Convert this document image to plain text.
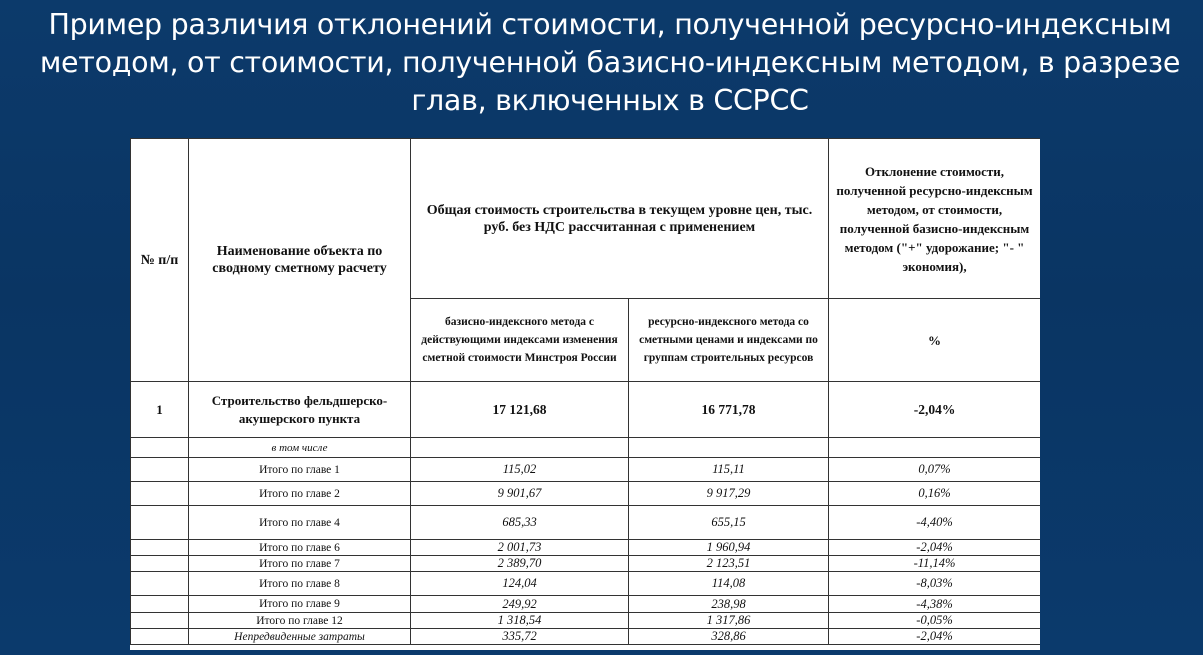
Пример различия отклонений стоимости, полученной ресурсно-индексным методом, от стоимости, полученной базисно-индексным методом, в разрезе глав, включенных в ССРСС
№ п/п	Наименование объекта по сводному сметному расчету	Общая стоимость строительства в текущем уровне цен, тыс. руб. без НДС рассчитанная с применением		Отклонение стоимости, полученной ресурсно-индексным методом, от стоимости, полученной базисно-индексным методом ("+" удорожание; "- " экономия),
		базисно-индексного метода с действующими индексами изменения сметной стоимости Минстроя России	ресурсно-индексного метода со сметными ценами и индексами по группам строительных ресурсов	%
1	Строительство фельдшерско-акушерского пункта	17 121,68	16 771,78	-2,04%
	в том числе			
	Итого по главе 1	115,02	115,11	0,07%
	Итого по главе 2	9 901,67	9 917,29	0,16%
	Итого по главе 4	685,33	655,15	-4,40%
	Итого по главе 6	2 001,73	1 960,94	-2,04%
	Итого по главе 7	2 389,70	2 123,51	-11,14%
	Итого по главе 8	124,04	114,08	-8,03%
	Итого по главе 9	249,92	238,98	-4,38%
	Итого по главе 12	1 318,54	1 317,86	-0,05%
	Непредвиденные затраты	335,72	328,86	-2,04%
